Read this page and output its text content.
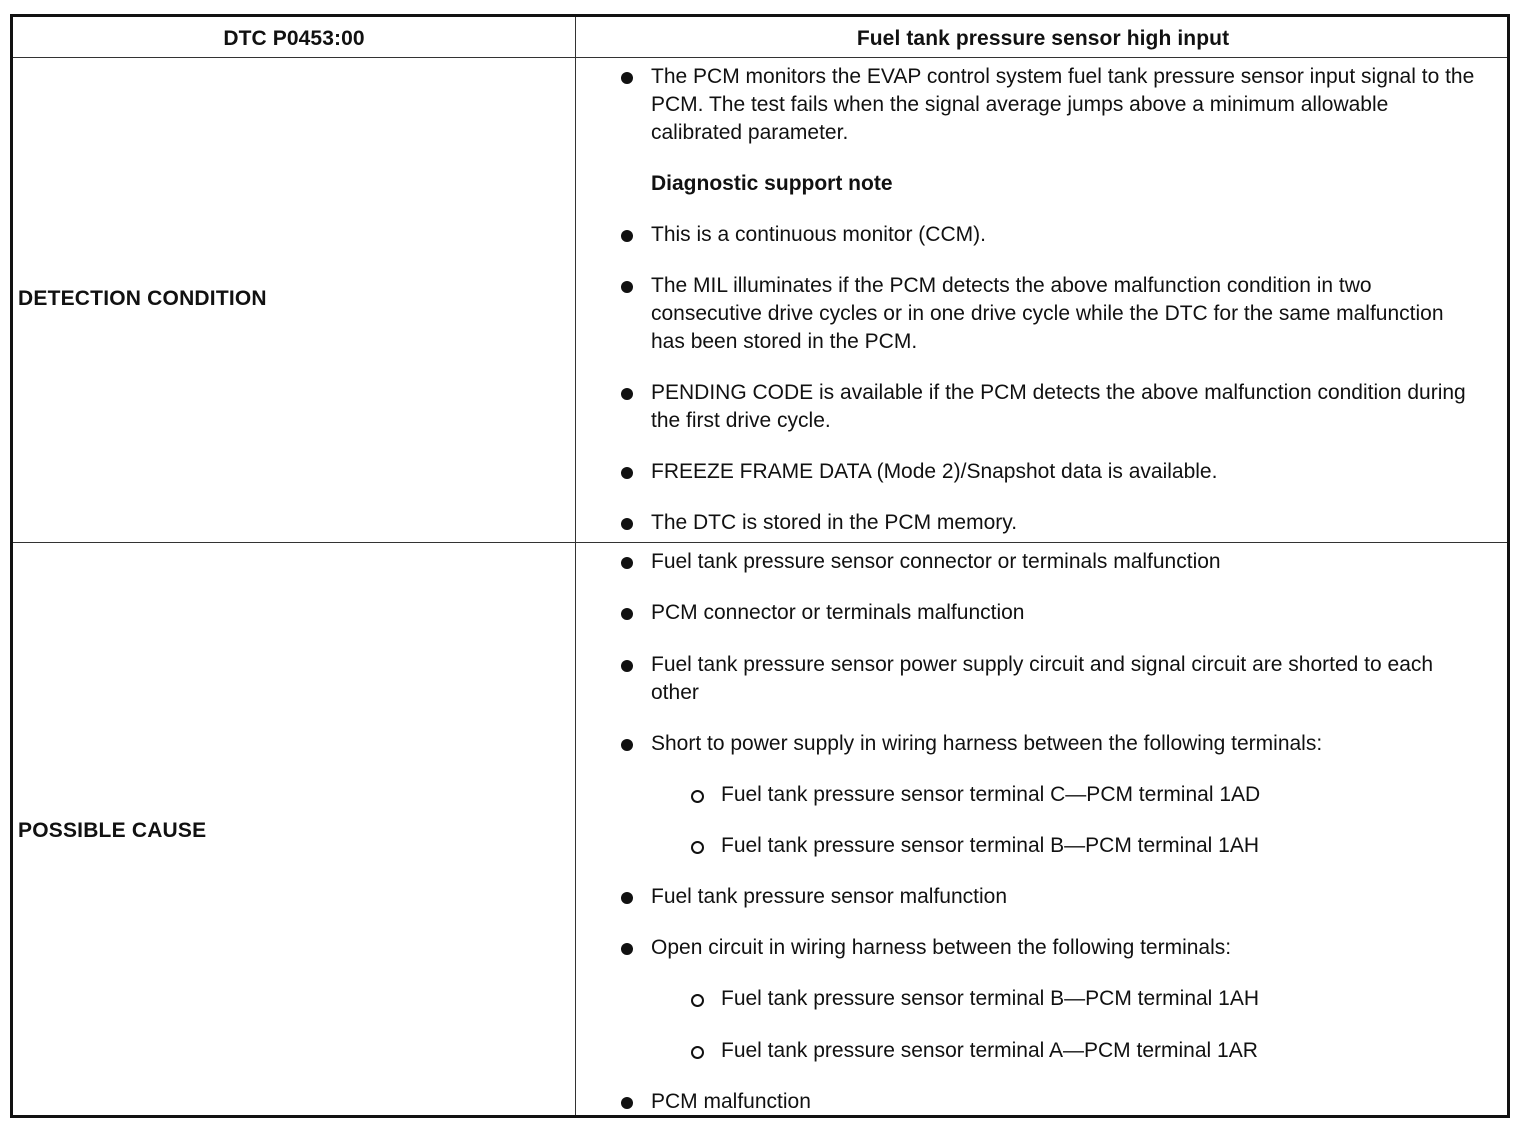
DTC P0453:00	Fuel tank pressure sensor high input
DETECTION CONDITION
POSSIBLE CAUSE
The PCM monitors the EVAP control system fuel tank pressure sensor input signal to the PCM. The test fails when the signal average jumps above a minimum allowable calibrated parameter.
Diagnostic support note
This is a continuous monitor (CCM).
The MIL illuminates if the PCM detects the above malfunction condition in two consecutive drive cycles or in one drive cycle while the DTC for the same malfunction has been stored in the PCM.
PENDING CODE is available if the PCM detects the above malfunction condition during the first drive cycle.
FREEZE FRAME DATA (Mode 2)/Snapshot data is available.
The DTC is stored in the PCM memory.
Fuel tank pressure sensor connector or terminals malfunction
PCM connector or terminals malfunction
Fuel tank pressure sensor power supply circuit and signal circuit are shorted to each other
Short to power supply in wiring harness between the following terminals:
Fuel tank pressure sensor terminal C—PCM terminal 1AD
Fuel tank pressure sensor terminal B—PCM terminal 1AH
Fuel tank pressure sensor malfunction
Open circuit in wiring harness between the following terminals:
Fuel tank pressure sensor terminal B—PCM terminal 1AH
Fuel tank pressure sensor terminal A—PCM terminal 1AR
PCM malfunction
